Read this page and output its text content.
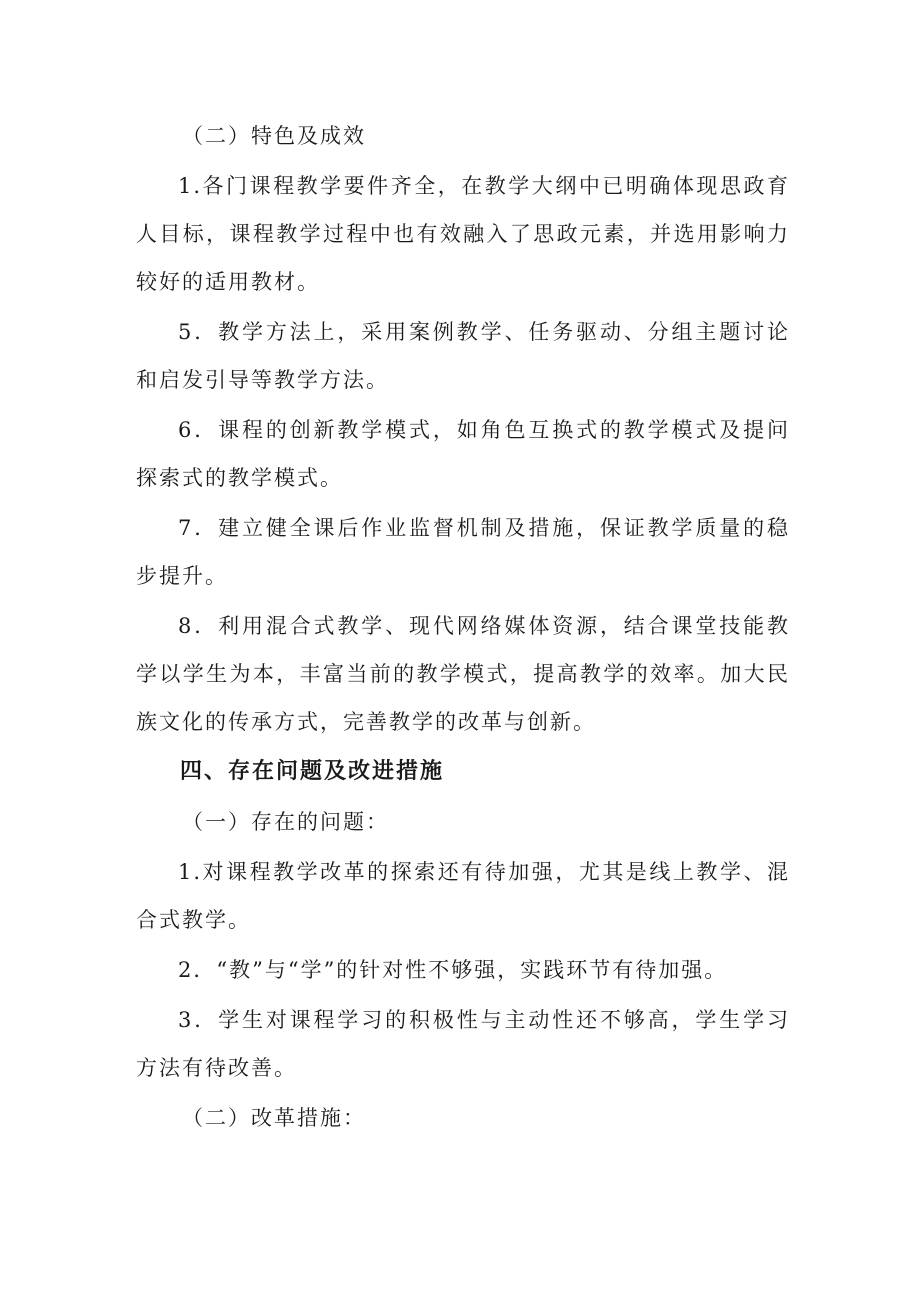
（二）特色及成效

1.各门课程教学要件齐全，在教学大纲中已明确体现思政育人目标，课程教学过程中也有效融入了思政元素，并选用影响力较好的适用教材。

5．教学方法上，采用案例教学、任务驱动、分组主题讨论和启发引导等教学方法。

6．课程的创新教学模式，如角色互换式的教学模式及提问探索式的教学模式。

7．建立健全课后作业监督机制及措施，保证教学质量的稳步提升。

8．利用混合式教学、现代网络媒体资源，结合课堂技能教学以学生为本，丰富当前的教学模式，提高教学的效率。加大民族文化的传承方式，完善教学的改革与创新。

四、存在问题及改进措施

（一）存在的问题：

1.对课程教学改革的探索还有待加强，尤其是线上教学、混合式教学。

2．“教”与“学”的针对性不够强，实践环节有待加强。

3．学生对课程学习的积极性与主动性还不够高，学生学习方法有待改善。

（二）改革措施：
